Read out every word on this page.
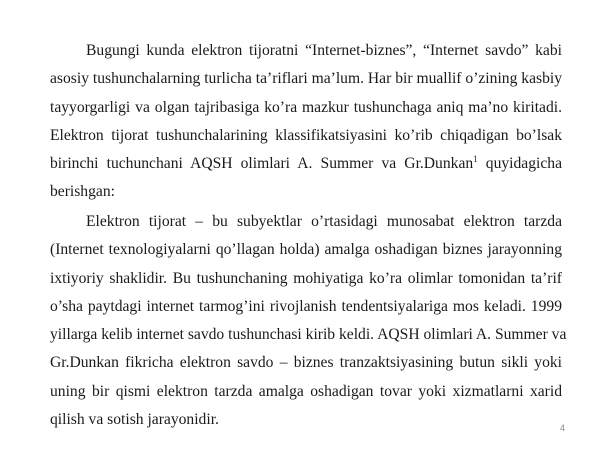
Bugungi kunda elektron tijoratni “Internet-biznes”, “Internet savdo” kabi
asosiy tushunchalarning turlicha ta’riflari ma’lum. Har bir muallif o’zining kasbiy
tayyorgarligi va olgan tajribasiga ko’ra mazkur tushunchaga aniq ma’no kiritadi.
Elektron tijorat tushunchalarining klassifikatsiyasini ko’rib chiqadigan bo’lsak
birinchi tuchunchani AQSH olimlari A. Summer va Gr.Dunkan$^1$ quyidagicha
berishgan:
Elektron tijorat – bu subyektlar o’rtasidagi munosabat elektron tarzda
(Internet texnologiyalarni qo’llagan holda) amalga oshadigan biznes jarayonning
ixtiyoriy shaklidir. Bu tushunchaning mohiyatiga ko’ra olimlar tomonidan ta’rif
o’sha paytdagi internet tarmog’ini rivojlanish tendentsiyalariga mos keladi. 1999
yillarga kelib internet savdo tushunchasi kirib keldi. AQSH olimlari A. Summer va
Gr.Dunkan fikricha elektron savdo – biznes tranzaktsiyasining butun sikli yoki
uning bir qismi elektron tarzda amalga oshadigan tovar yoki xizmatlarni xarid
qilish va sotish jarayonidir.	4
